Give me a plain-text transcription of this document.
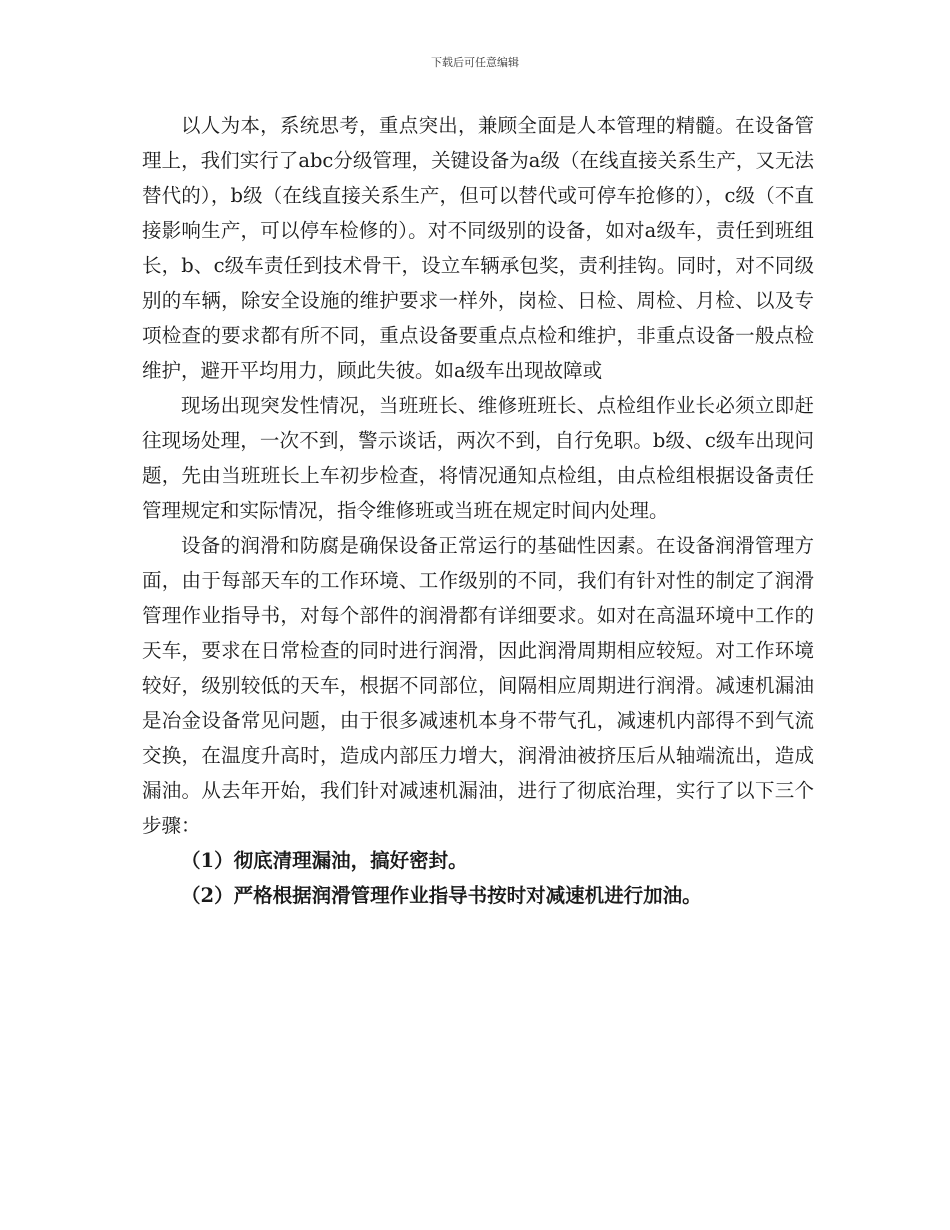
下载后可任意编辑

以人为本，系统思考，重点突出，兼顾全面是人本管理的精髓。在设备管理上，我们实行了abc分级管理，关键设备为a级（在线直接关系生产，又无法替代的），b级（在线直接关系生产，但可以替代或可停车抢修的），c级（不直接影响生产，可以停车检修的）。对不同级别的设备，如对a级车，责任到班组长，b、c级车责任到技术骨干，设立车辆承包奖，责利挂钩。同时，对不同级别的车辆，除安全设施的维护要求一样外，岗检、日检、周检、月检、以及专项检查的要求都有所不同，重点设备要重点点检和维护，非重点设备一般点检维护，避开平均用力，顾此失彼。如a级车出现故障或

现场出现突发性情况，当班班长、维修班班长、点检组作业长必须立即赶往现场处理，一次不到，警示谈话，两次不到，自行免职。b级、c级车出现问题，先由当班班长上车初步检查，将情况通知点检组，由点检组根据设备责任管理规定和实际情况，指令维修班或当班在规定时间内处理。

设备的润滑和防腐是确保设备正常运行的基础性因素。在设备润滑管理方面，由于每部天车的工作环境、工作级别的不同，我们有针对性的制定了润滑管理作业指导书，对每个部件的润滑都有详细要求。如对在高温环境中工作的天车，要求在日常检查的同时进行润滑，因此润滑周期相应较短。对工作环境较好，级别较低的天车，根据不同部位，间隔相应周期进行润滑。减速机漏油是冶金设备常见问题，由于很多减速机本身不带气孔，减速机内部得不到气流交换，在温度升高时，造成内部压力增大，润滑油被挤压后从轴端流出，造成漏油。从去年开始，我们针对减速机漏油，进行了彻底治理，实行了以下三个步骤：

（1）彻底清理漏油，搞好密封。

（2）严格根据润滑管理作业指导书按时对减速机进行加油。
